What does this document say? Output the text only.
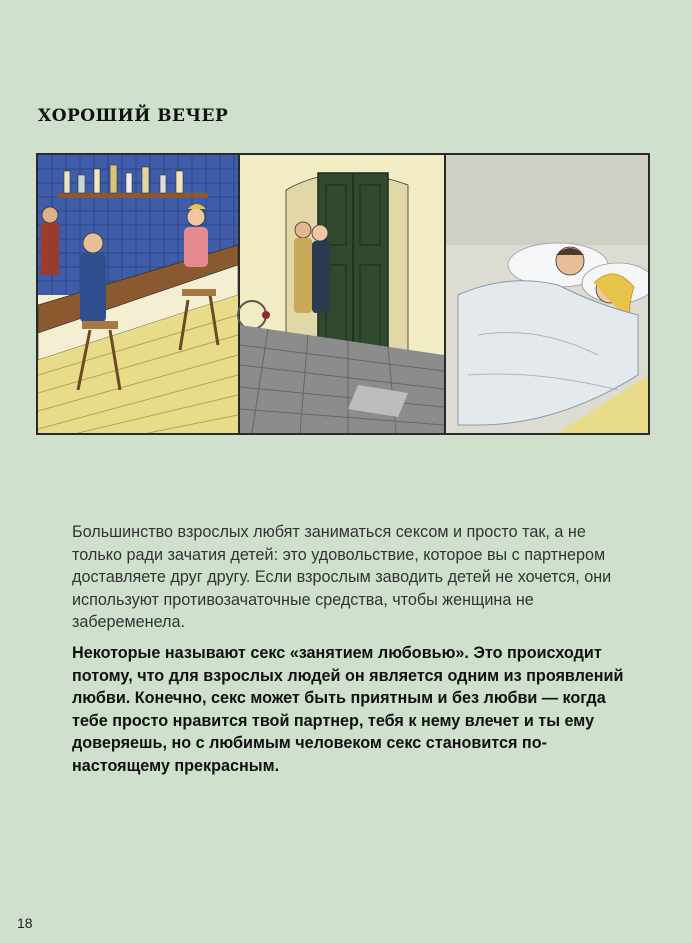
ХОРОШИЙ ВЕЧЕР

Большинство взрослых любят заниматься сексом и просто так, а не только ради зачатия детей: это удовольствие, которое вы с партнером доставляете друг другу. Если взрослым заводить детей не хочется, они используют противозачаточные средства, чтобы женщина не забеременела.

Некоторые называют секс «занятием любовью». Это происходит потому, что для взрослых людей он является одним из проявлений любви. Конечно, секс может быть приятным и без любви — когда тебе просто нравится твой партнер, тебя к нему влечет и ты ему доверяешь, но с любимым человеком секс становится по-настоящему прекрасным.

18
